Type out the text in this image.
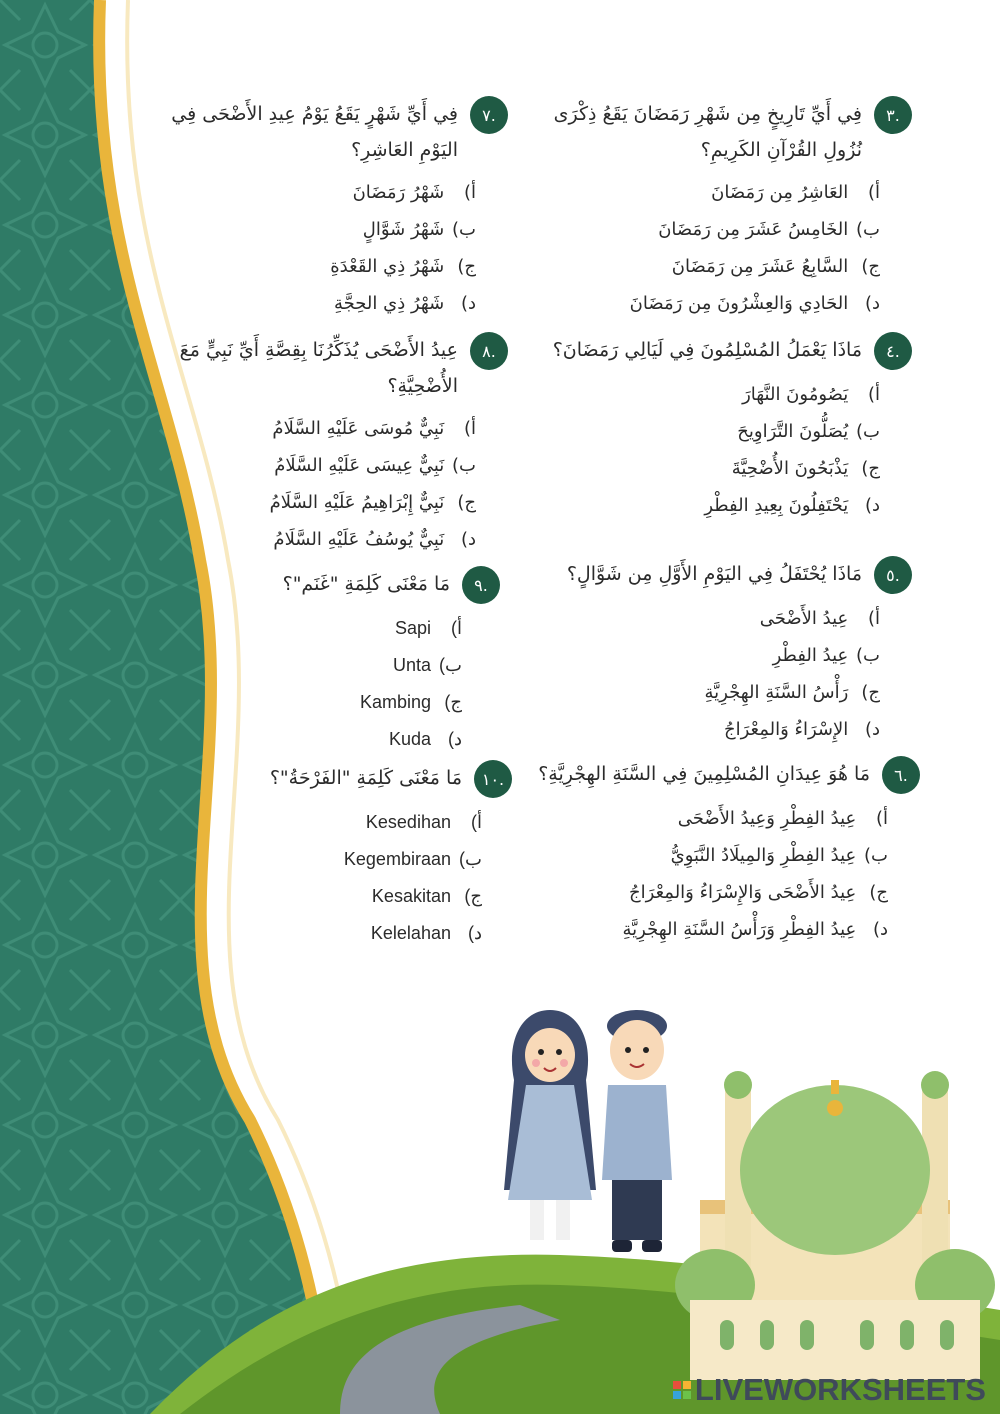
٣.
فِي أَيِّ تَارِيخٍ مِن شَهْرِ رَمَضَانَ يَقَعُ ذِكْرَى نُزُولِ القُرْآنِ الكَرِيمِ؟
أ) العَاشِرُ مِن رَمَضَانَ
ب) الخَامِسُ عَشَرَ مِن رَمَضَانَ
ج) السَّابِعُ عَشَرَ مِن رَمَضَانَ
د) الحَادِي وَالعِشْرُونَ مِن رَمَضَانَ
٤.
مَاذَا يَعْمَلُ المُسْلِمُونَ فِي لَيَالِي رَمَضَانَ؟
أ) يَصُومُونَ النَّهَارَ
ب) يُصَلُّونَ التَّرَاوِيحَ
ج) يَذْبَحُونَ الأُضْحِيَّةَ
د) يَحْتَفِلُونَ بِعِيدِ الفِطْرِ
٥.
مَاذَا يُحْتَفَلُ فِي اليَوْمِ الأَوَّلِ مِن شَوَّالٍ؟
أ) عِيدُ الأَضْحَى
ب) عِيدُ الفِطْرِ
ج) رَأْسُ السَّنَةِ الهِجْرِيَّةِ
د) الإِسْرَاءُ وَالمِعْرَاجُ
٦.
مَا هُوَ عِيدَانِ المُسْلِمِينَ فِي السَّنَةِ الهِجْرِيَّةِ؟
أ) عِيدُ الفِطْرِ وَعِيدُ الأَضْحَى
ب) عِيدُ الفِطْرِ وَالمِيلَادُ النَّبَوِيُّ
ج) عِيدُ الأَضْحَى وَالإِسْرَاءُ وَالمِعْرَاجُ
د) عِيدُ الفِطْرِ وَرَأْسُ السَّنَةِ الهِجْرِيَّةِ
٧.
فِي أَيِّ شَهْرٍ يَقَعُ يَوْمُ عِيدِ الأَضْحَى فِي اليَوْمِ العَاشِرِ؟
أ) شَهْرُ رَمَضَانَ
ب) شَهْرُ شَوَّالٍ
ج) شَهْرُ ذِي القَعْدَةِ
د) شَهْرُ ذِي الحِجَّةِ
٨.
عِيدُ الأَضْحَى يُذَكِّرُنَا بِقِصَّةِ أَيِّ نَبِيٍّ مَعَ الأُضْحِيَّةِ؟
أ) نَبِيٌّ مُوسَى عَلَيْهِ السَّلَامُ
ب) نَبِيٌّ عِيسَى عَلَيْهِ السَّلَامُ
ج) نَبِيٌّ إِبْرَاهِيمُ عَلَيْهِ السَّلَامُ
د) نَبِيٌّ يُوسُفُ عَلَيْهِ السَّلَامُ
٩.
مَا مَعْنَى كَلِمَةِ "غَنَم"؟
Sapi (أ
Unta (ب
Kambing (ج
Kuda (د
١٠.
مَا مَعْنَى كَلِمَةِ "الفَرْحَةُ"؟
Kesedihan (أ
Kegembiraan (ب
Kesakitan (ج
Kelelahan (د
LIVEWORKSHEETS
